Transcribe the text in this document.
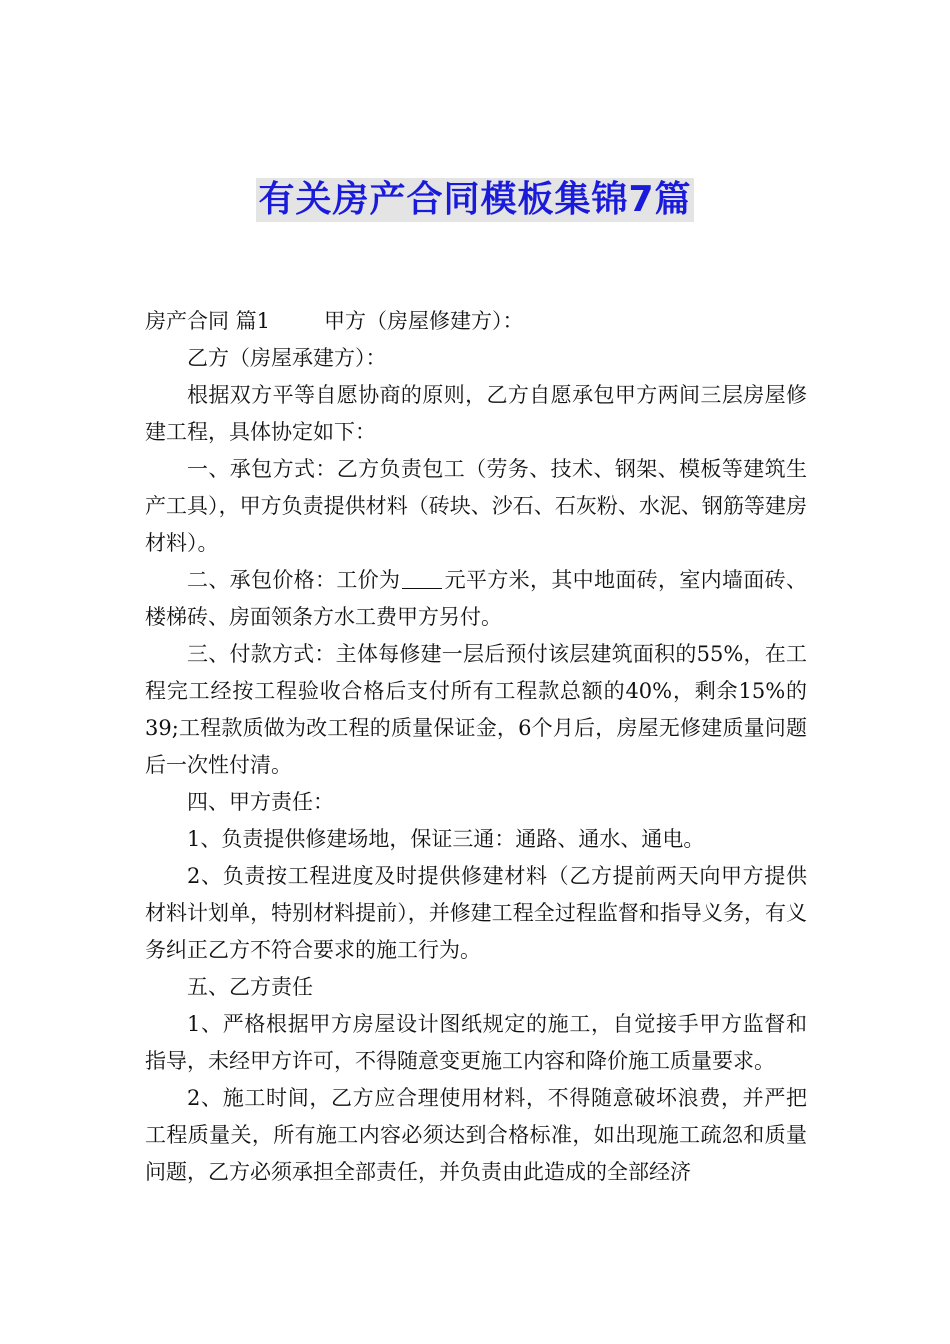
有关房产合同模板集锦7篇

房产合同 篇1	甲方（房屋修建方）：

乙方（房屋承建方）：

根据双方平等自愿协商的原则，乙方自愿承包甲方两间三层房屋修建工程，具体协定如下：

一、承包方式：乙方负责包工（劳务、技术、钢架、模板等建筑生产工具），甲方负责提供材料（砖块、沙石、石灰粉、水泥、钢筋等建房材料）。

二、承包价格：工价为 元平方米，其中地面砖，室内墙面砖、楼梯砖、房面领条方水工费甲方另付。

三、付款方式：主体每修建一层后预付该层建筑面积的55%，在工程完工经按工程验收合格后支付所有工程款总额的40%，剩余15%的39;工程款质做为改工程的质量保证金，6个月后，房屋无修建质量问题后一次性付清。

四、甲方责任：

1、负责提供修建场地，保证三通：通路、通水、通电。

2、负责按工程进度及时提供修建材料（乙方提前两天向甲方提供材料计划单，特别材料提前），并修建工程全过程监督和指导义务，有义务纠正乙方不符合要求的施工行为。

五、乙方责任

1、严格根据甲方房屋设计图纸规定的施工，自觉接手甲方监督和指导，未经甲方许可，不得随意变更施工内容和降价施工质量要求。

2、施工时间，乙方应合理使用材料，不得随意破坏浪费，并严把工程质量关，所有施工内容必须达到合格标准，如出现施工疏忽和质量问题，乙方必须承担全部责任，并负责由此造成的全部经济
